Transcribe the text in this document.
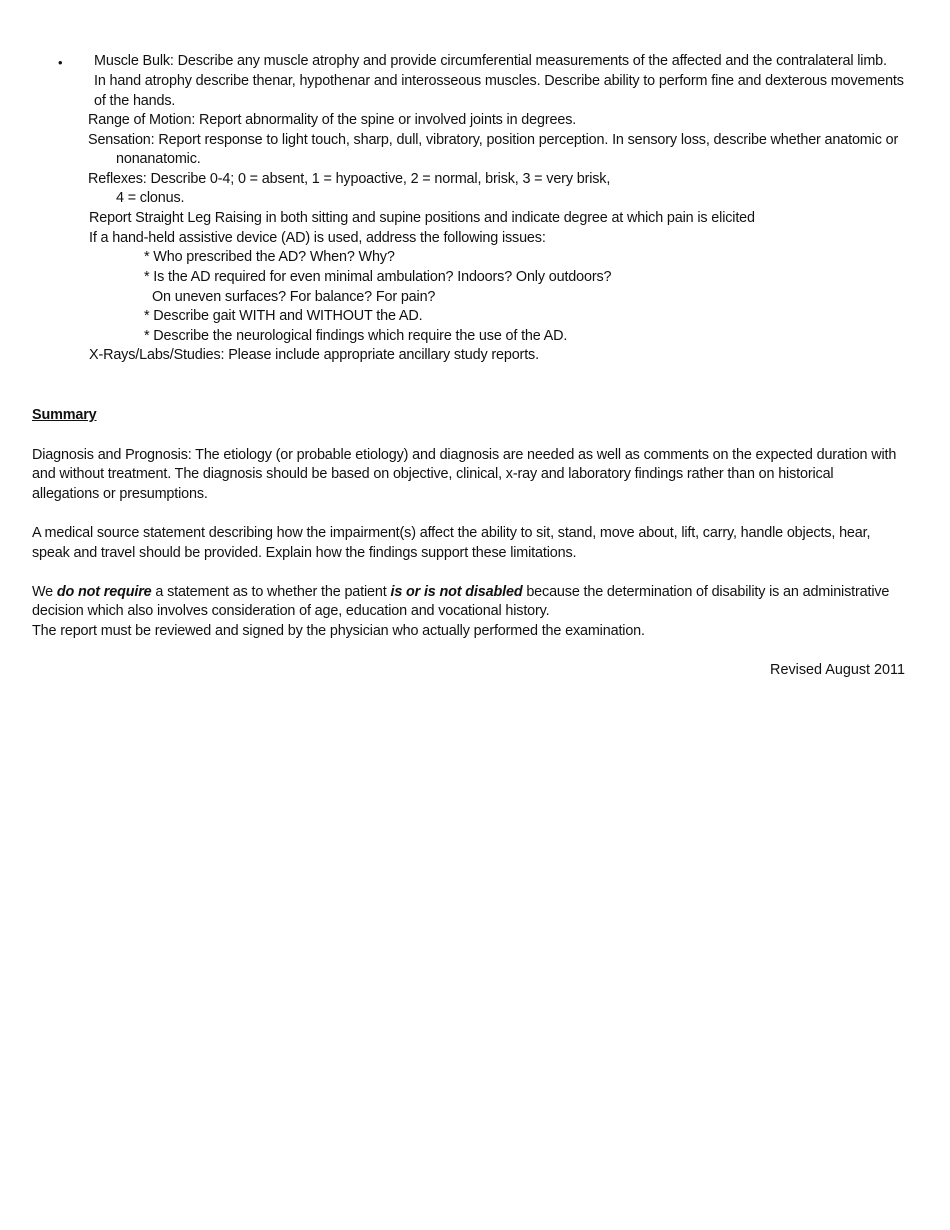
• Muscle Bulk: Describe any muscle atrophy and provide circumferential measurements of the affected and the contralateral limb.
In hand atrophy describe thenar, hypothenar and interosseous muscles. Describe ability to perform fine and dexterous movements
of the hands.
Range of Motion: Report abnormality of the spine or involved joints in degrees.
Sensation: Report response to light touch, sharp, dull, vibratory, position perception. In sensory loss, describe whether anatomic or
nonanatomic.
Reflexes: Describe 0-4; 0 = absent, 1 = hypoactive, 2 = normal, brisk, 3 = very brisk,
4 = clonus.
Report Straight Leg Raising in both sitting and supine positions and indicate degree at which pain is elicited
If a hand-held assistive device (AD) is used, address the following issues:
* Who prescribed the AD? When? Why?
* Is the AD required for even minimal ambulation? Indoors? Only outdoors?
On uneven surfaces? For balance? For pain?
* Describe gait WITH and WITHOUT the AD.
* Describe the neurological findings which require the use of the AD.
X-Rays/Labs/Studies: Please include appropriate ancillary study reports.
Summary
Diagnosis and Prognosis: The etiology (or probable etiology) and diagnosis are needed as well as comments on the expected duration with
and without treatment. The diagnosis should be based on objective, clinical, x-ray and laboratory findings rather than on historical
allegations or presumptions.
A medical source statement describing how the impairment(s) affect the ability to sit, stand, move about, lift, carry, handle objects, hear,
speak and travel should be provided. Explain how the findings support these limitations.
We do not require a statement as to whether the patient is or is not disabled because the determination of disability is an administrative
decision which also involves consideration of age, education and vocational history.
The report must be reviewed and signed by the physician who actually performed the examination.
Revised August 2011
